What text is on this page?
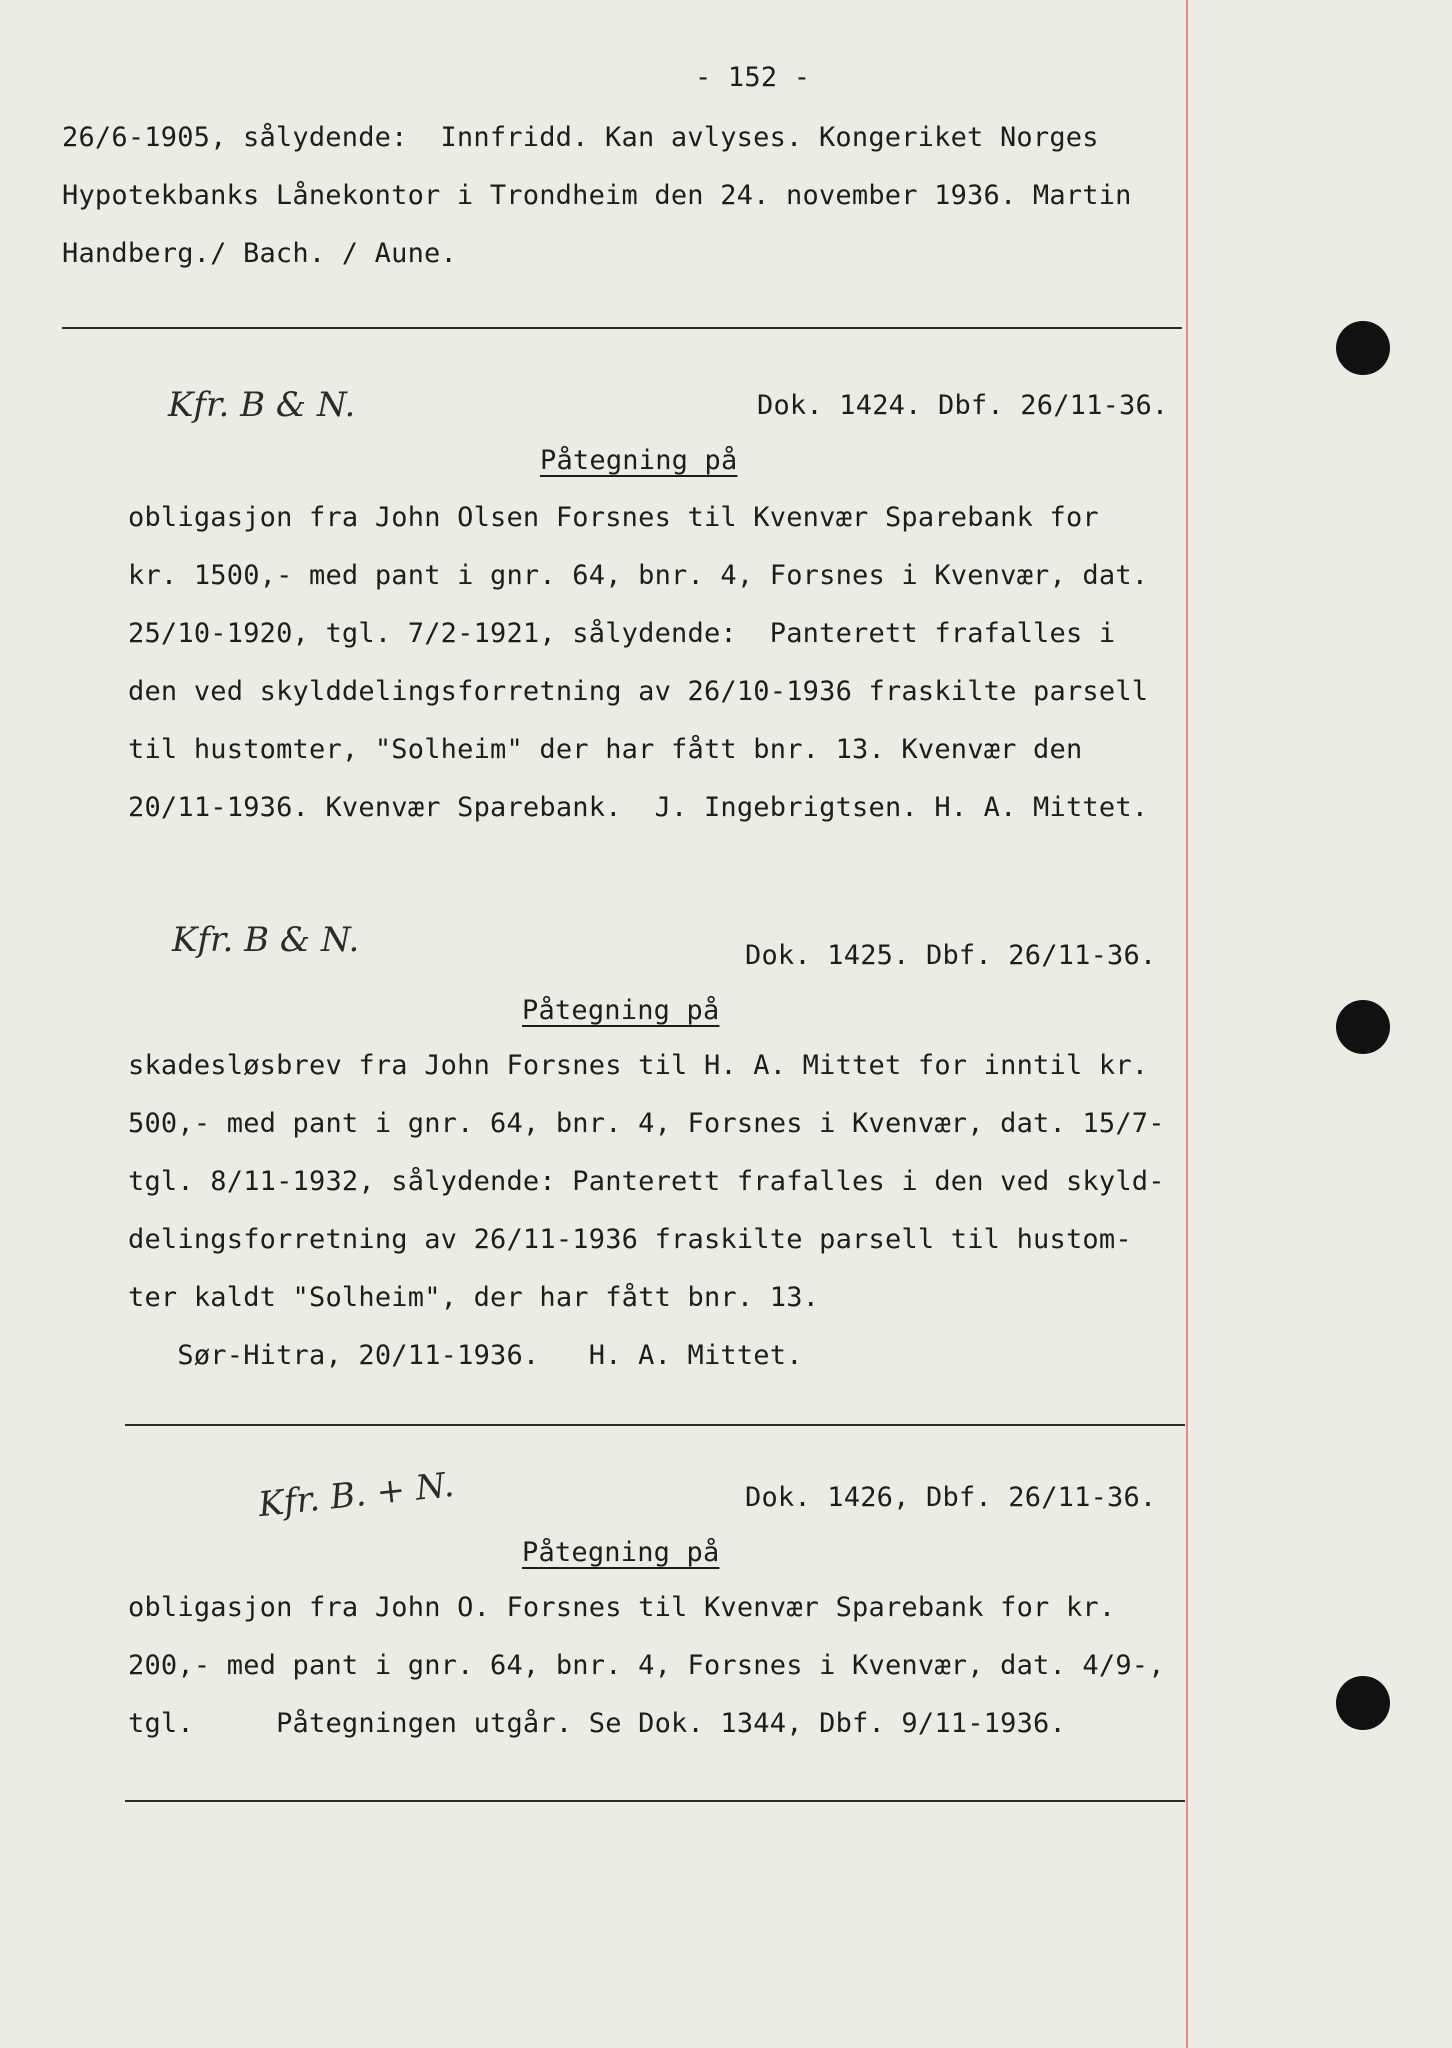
- 152 -
26/6-1905, sålydende:  Innfridd. Kan avlyses. Kongeriket Norges
Hypotekbanks Lånekontor i Trondheim den 24. november 1936. Martin
Handberg./ Bach. / Aune.
Kfr. B & N.	Dok. 1424. Dbf. 26/11-36.
Påtegning på
obligasjon fra John Olsen Forsnes til Kvenvær Sparebank for
kr. 1500,- med pant i gnr. 64, bnr. 4, Forsnes i Kvenvær, dat.
25/10-1920, tgl. 7/2-1921, sålydende:  Panterett frafalles i
den ved skylddelingsforretning av 26/10-1936 fraskilte parsell
til hustomter, "Solheim" der har fått bnr. 13. Kvenvær den
20/11-1936. Kvenvær Sparebank.  J. Ingebrigtsen. H. A. Mittet.
Kfr. B & N.	Dok. 1425. Dbf. 26/11-36.
Påtegning på
skadesløsbrev fra John Forsnes til H. A. Mittet for inntil kr.
500,- med pant i gnr. 64, bnr. 4, Forsnes i Kvenvær, dat. 15/7-
tgl. 8/11-1932, sålydende: Panterett frafalles i den ved skyld-
delingsforretning av 26/11-1936 fraskilte parsell til hustom-
ter kaldt "Solheim", der har fått bnr. 13.
Sør-Hitra, 20/11-1936.   H. A. Mittet.
Kfr. B. + N.	Dok. 1426, Dbf. 26/11-36.
Påtegning på
obligasjon fra John O. Forsnes til Kvenvær Sparebank for kr.
200,- med pant i gnr. 64, bnr. 4, Forsnes i Kvenvær, dat. 4/9-,
tgl.     Påtegningen utgår. Se Dok. 1344, Dbf. 9/11-1936.
